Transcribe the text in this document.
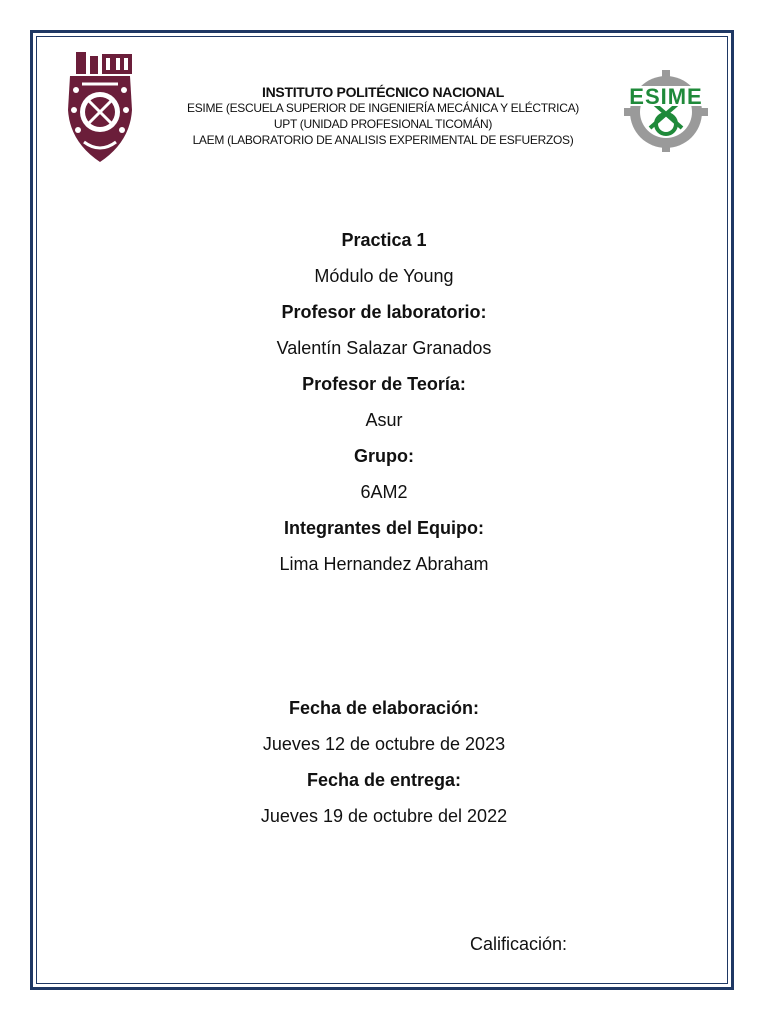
ESIME
INSTITUTO POLITÉCNICO NACIONAL
ESIME (ESCUELA SUPERIOR DE INGENIERÍA MECÁNICA Y ELÉCTRICA)
UPT (UNIDAD PROFESIONAL TICOMÁN)
LAEM (LABORATORIO DE ANALISIS EXPERIMENTAL DE ESFUERZOS)
Practica 1
Módulo de Young
Profesor de laboratorio:
Valentín Salazar Granados
Profesor de Teoría:
Asur
Grupo:
6AM2
Integrantes del Equipo:
Lima Hernandez Abraham
Fecha de elaboración:
Jueves 12 de octubre de 2023
Fecha de entrega:
Jueves 19 de octubre del 2022
Calificación:
